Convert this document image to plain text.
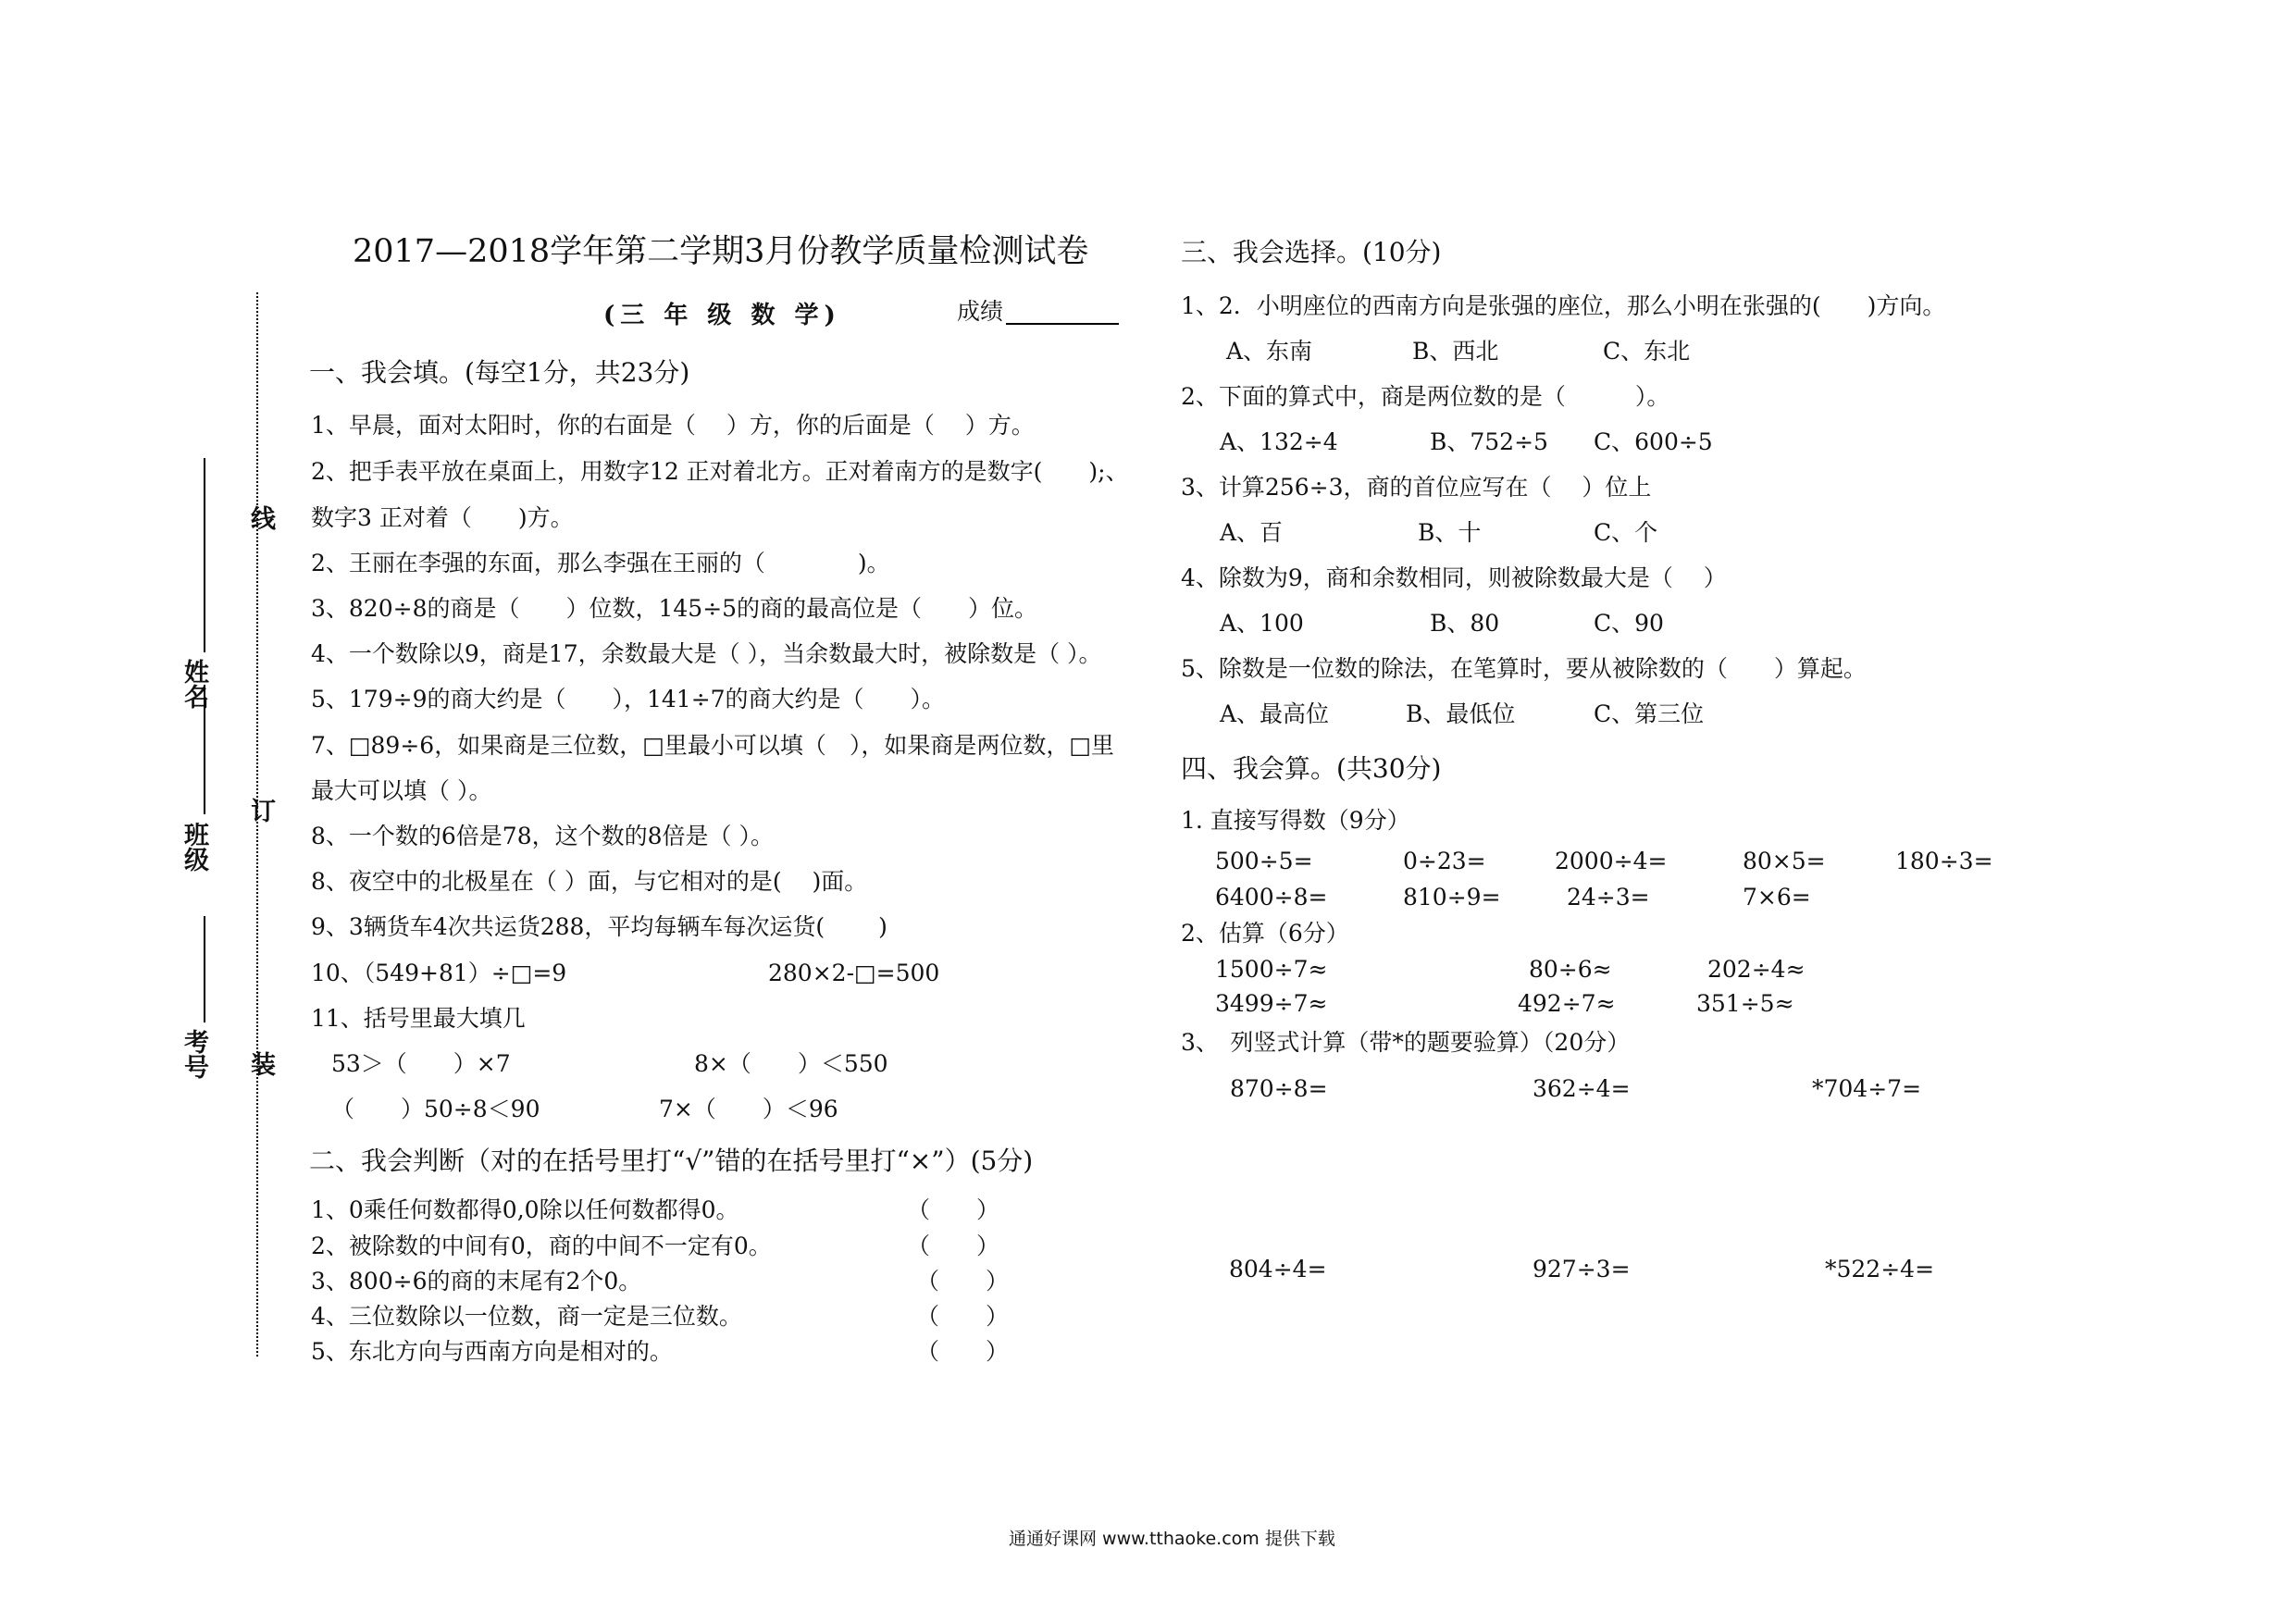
线
订
装
姓名
班级
考号
2017—2018学年第二学期3月份教学质量检测试卷
(三 年 级 数 学)	成绩
一、我会填。(每空1分，共23分)
1、早晨，面对太阳时，你的右面是（　 ）方，你的后面是（　 ）方。
2、把手表平放在桌面上，用数字12 正对着北方。正对着南方的是数字(　　);、
数字3 正对着（　　)方。
2、王丽在李强的东面，那么李强在王丽的（　　　　)。
3、820÷8的商是（　　）位数，145÷5的商的最高位是（　　）位。
4、一个数除以9，商是17，余数最大是（ ），当余数最大时，被除数是（ ）。
5、179÷9的商大约是（　　），141÷7的商大约是（　　）。
7、□89÷6，如果商是三位数，□里最小可以填（　），如果商是两位数，□里
最大可以填（ ）。
8、一个数的6倍是78，这个数的8倍是（ ）。
8、夜空中的北极星在（ ）面，与它相对的是(　 )面。
9、3辆货车4次共运货288，平均每辆车每次运货(　　 )
10、（549+81）÷□=9	280×2-□=500
11、括号里最大填几
53＞（　　）×7	8×（　　）＜550
（　　）50÷8＜90	7×（　　）＜96
二、我会判断（对的在括号里打“√”错的在括号里打“×”）(5分)
1、0乘任何数都得0,0除以任何数都得0。	（　　）
2、被除数的中间有0，商的中间不一定有0。	（　　）
3、800÷6的商的末尾有2个0。	（　　）
4、三位数除以一位数，商一定是三位数。	（　　）
5、东北方向与西南方向是相对的。	（　　）
三、我会选择。(10分)
1、2．小明座位的西南方向是张强的座位，那么小明在张强的(　　)方向。
A、东南	B、西北	C、东北
2、下面的算式中，商是两位数的是（　　　）。
A、132÷4	B、752÷5 C、600÷5
3、计算256÷3，商的首位应写在（　 ）位上
A、百	B、十	C、个
4、除数为9，商和余数相同，则被除数最大是（　 ）
A、100	B、80	C、90
5、除数是一位数的除法，在笔算时，要从被除数的（　　）算起。
A、最高位	B、最低位	C、第三位
四、我会算。(共30分)
1. 直接写得数（9分）
500÷5=	0÷23=	2000÷4=	80×5=	180÷3=
6400÷8=	810÷9=	24÷3=	7×6=
2、估算（6分）
1500÷7≈	80÷6≈	202÷4≈
3499÷7≈	492÷7≈	351÷5≈
3、　列竖式计算（带*的题要验算）（20分）
870÷8=	362÷4=	*704÷7=
804÷4=	927÷3=	*522÷4=
通通好课网 www.tthaoke.com 提供下载
